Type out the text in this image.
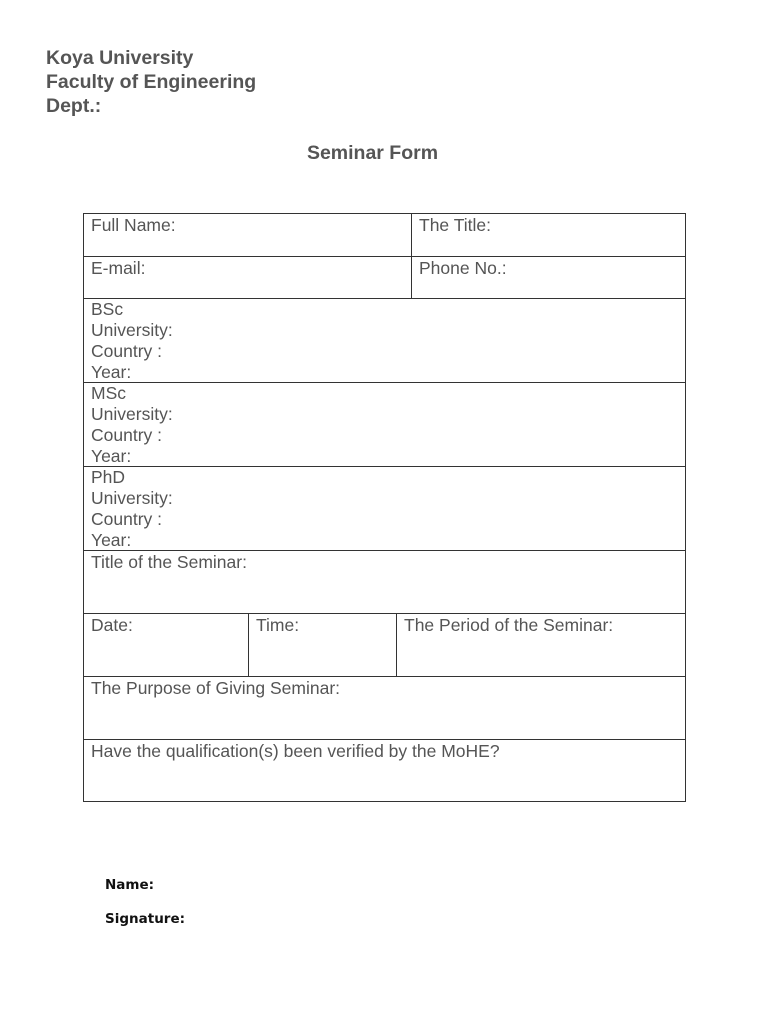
Koya University
Faculty of Engineering
Dept.:
Seminar Form
Full Name:	The Title:
E-mail:	Phone No.:
BSc
University:
Country :
Year:
MSc
University:
Country :
Year:
PhD
University:
Country :
Year:
Title of the Seminar:
Date:	Time:	The Period of the Seminar:
The Purpose of Giving Seminar:
Have the qualification(s) been verified by the MoHE?
Name:
Signature:
